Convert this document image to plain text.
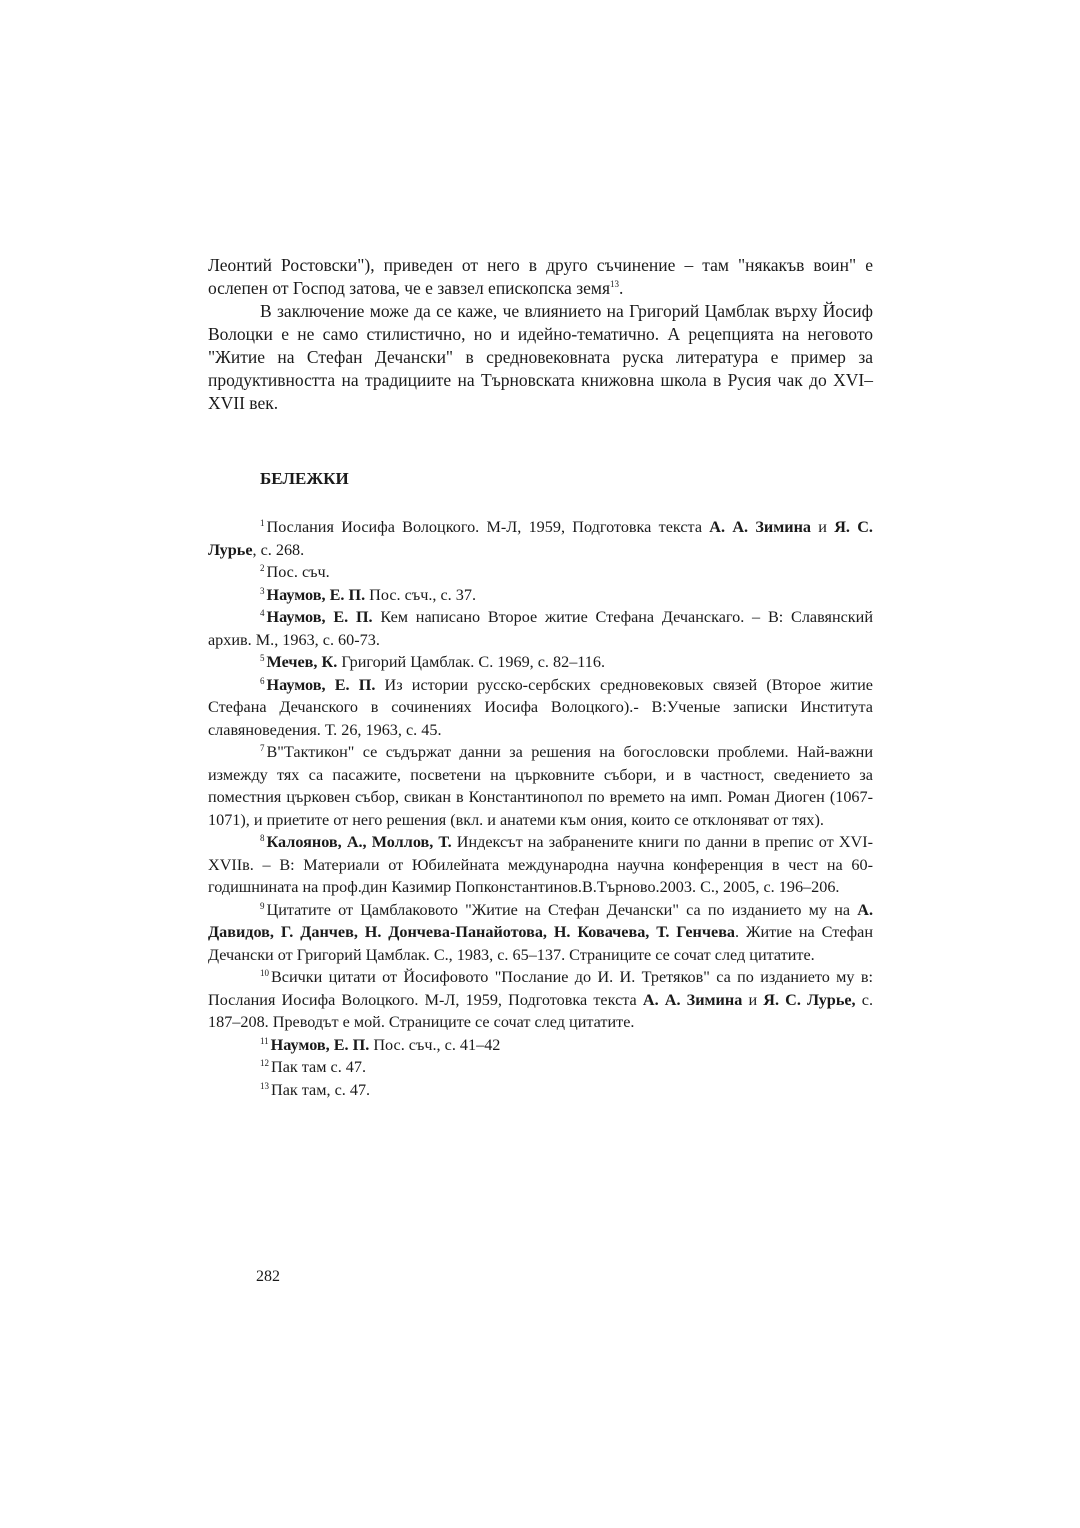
Леонтий Ростовски"), приведен от него в друго съчинение – там "някакъв воин" е ослепен от Господ затова, че е завзел епископска земя$^{13}$.

В заключение може да се каже, че влиянието на Григорий Цамблак върху Йосиф Волоцки е не само стилистично, но и идейно-тематично. А рецепцията на неговото "Житие на Стефан Дечански" в средновековната руска литература е пример за продуктивността на традициите на Търновската книжовна школа в Русия чак до XVI–XVII век.

БЕЛЕЖКИ

$^1$ Послания Иосифа Волоцкого. М-Л, 1959, Подготовка текста А. А. Зимина и Я. С. Лурье, с. 268.

$^2$ Пос. съч.

$^3$ Наумов, Е. П. Пос. съч., с. 37.

$^4$ Наумов, Е. П. Кем написано Второе житие Стефана Дечанскаго. – В: Славянский архив. М., 1963, с. 60-73.

$^5$ Мечев, К. Григорий Цамблак. С. 1969, с. 82–116.

$^6$ Наумов, Е. П. Из истории русско-сербских средновековых связей (Второе житие Стефана Дечанского в сочинениях Иосифа Волоцкого).- В:Ученые записки Института славяноведения. Т. 26, 1963, с. 45.

$^7$ В"Тактикон" се съдържат данни за решения на богословски проблеми. Най-важни измежду тях са пасажите, посветени на църковните събори, и в частност, сведението за поместния църковен събор, свикан в Константинопол по времето на имп. Роман Диоген (1067-1071), и приетите от него решения (вкл. и анатеми към ония, които се отклоняват от тях).

$^8$ Калоянов, А., Моллов, Т. Индексът на забранените книги по данни в препис от XVI-XVIIв. – В: Материали от Юбилейната международна научна конференция в чест на 60-годишнината на проф.дин Казимир Попконстантинов.В.Търново.2003. С., 2005, с. 196–206.

$^9$ Цитатите от Цамблаковото "Житие на Стефан Дечански" са по изданието му на А. Давидов, Г. Данчев, Н. Дончева-Панайотова, Н. Ковачева, Т. Генчева. Житие на Стефан Дечански от Григорий Цамблак. С., 1983, с. 65–137. Страниците се сочат след цитатите.

$^{10}$ Всички цитати от Йосифовото "Послание до И. И. Третяков" са по изданието му в: Послания Иосифа Волоцкого. М-Л, 1959, Подготовка текста А. А. Зимина и Я. С. Лурье, с. 187–208. Преводът е мой. Страниците се сочат след цитатите.

$^{11}$ Наумов, Е. П. Пос. съч., с. 41–42

$^{12}$ Пак там с. 47.

$^{13}$ Пак там, с. 47.

282
